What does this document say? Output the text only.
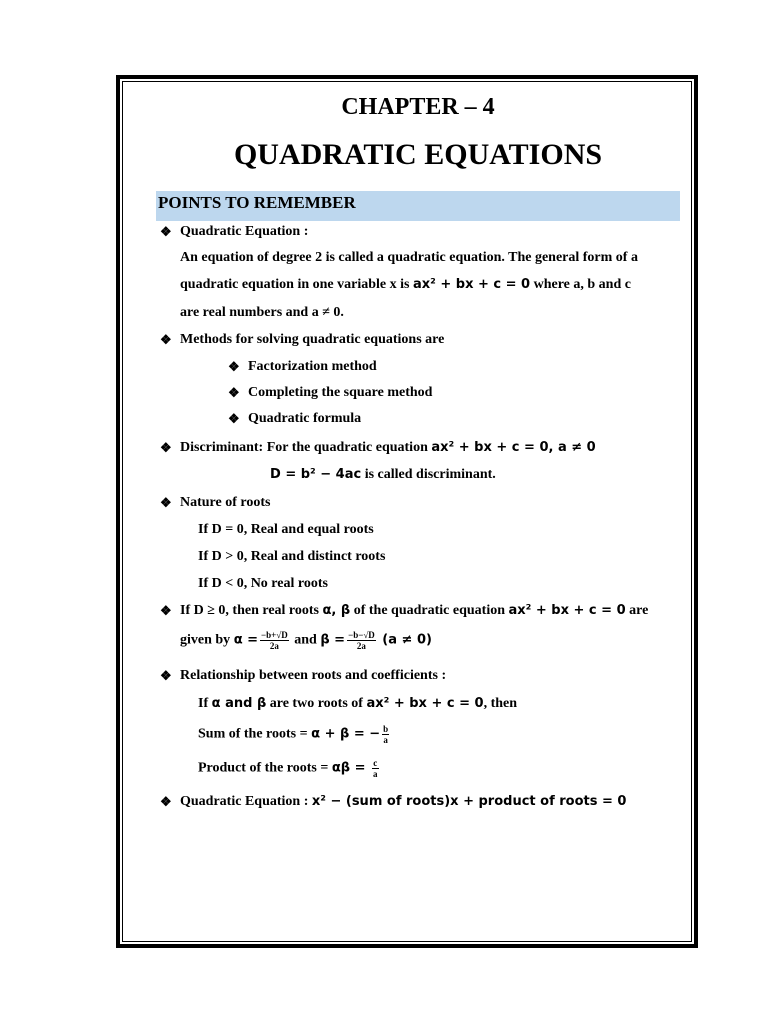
CHAPTER – 4
QUADRATIC EQUATIONS
POINTS TO REMEMBER
❖ Quadratic Equation :
An equation of degree 2 is called a quadratic equation. The general form of a
quadratic equation in one variable x is ax² + bx + c = 0 where a, b and c
are real numbers and a ≠ 0.
❖ Methods for solving quadratic equations are
❖ Factorization method
❖ Completing the square method
❖ Quadratic formula
❖ Discriminant: For the quadratic equation ax² + bx + c = 0, a ≠ 0
D = b² − 4ac is called discriminant.
❖ Nature of roots
If D = 0, Real and equal roots
If D > 0, Real and distinct roots
If D < 0, No real roots
❖ If D ≥ 0, then real roots α, β of the quadratic equation ax² + bx + c = 0 are
given by $\alpha = \frac{-b+√D}{2a}$ and $\beta = \frac{-b-√D}{2a} (a \ne 0)$
❖ Relationship between roots and coefficients :
If α and β are two roots of ax² + bx + c = 0, then
Sum of the roots = α + β = − $\frac{b}{a}$
Product of the roots = $\alpha\beta = \frac{c}{a}$
❖ Quadratic Equation : x² − (sum of roots)x + product of roots = 0
